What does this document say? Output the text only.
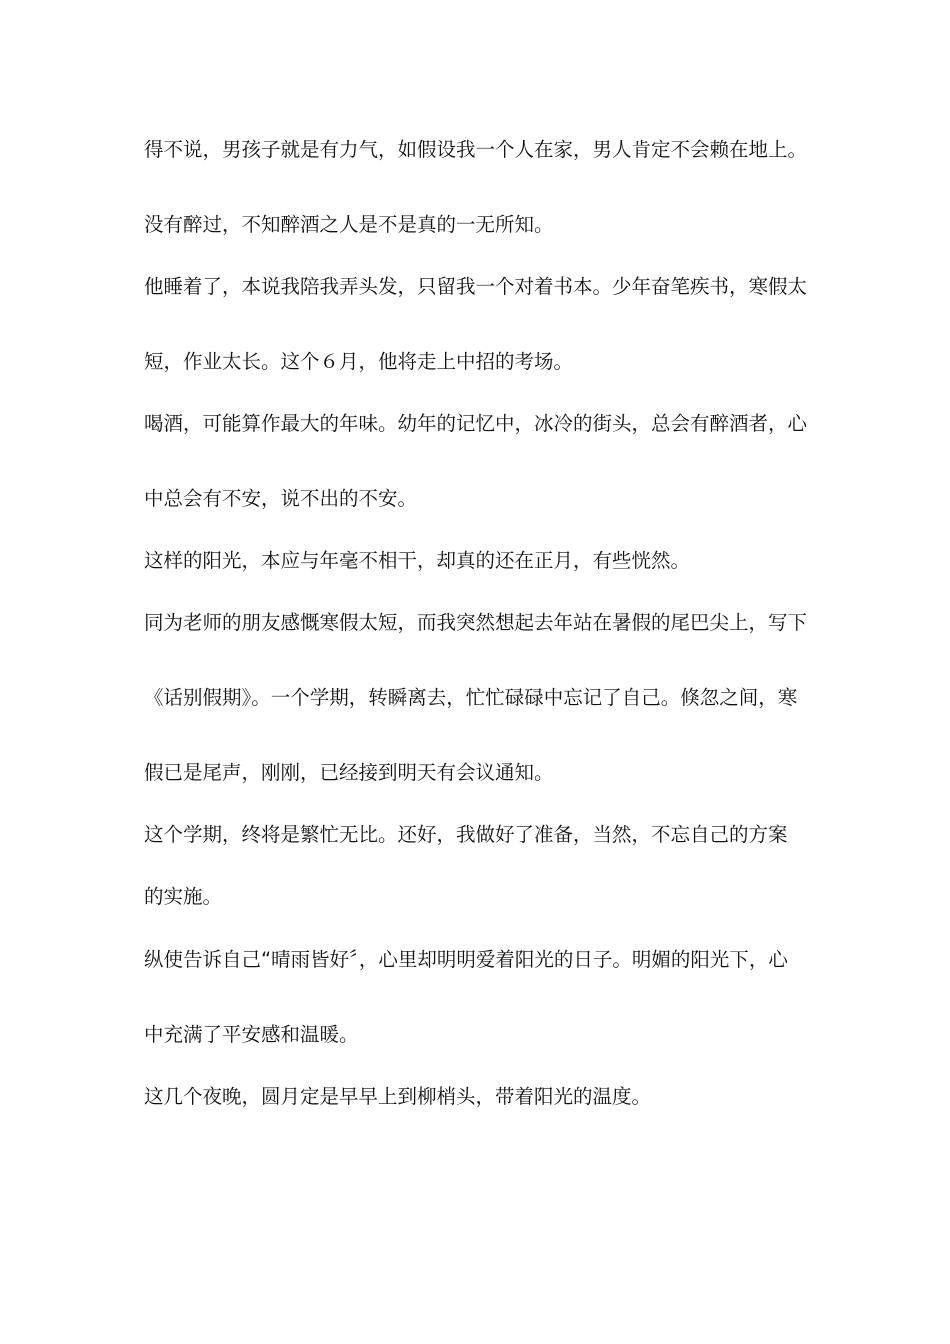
得不说，男孩子就是有力气，如假设我一个人在家，男人肯定不会赖在地上。
没有醉过，不知醉酒之人是不是真的一无所知。
他睡着了，本说我陪我弄头发，只留我一个对着书本。少年奋笔疾书，寒假太
短，作业太长。这个６月，他将走上中招的考场。
喝酒，可能算作最大的年味。幼年的记忆中，冰冷的街头，总会有醉酒者，心
中总会有不安，说不出的不安。
这样的阳光，本应与年毫不相干，却真的还在正月，有些恍然。
同为老师的朋友感慨寒假太短，而我突然想起去年站在暑假的尾巴尖上，写下
《话别假期》。一个学期，转瞬离去，忙忙碌碌中忘记了自己。倏忽之间，寒
假已是尾声，刚刚，已经接到明天有会议通知。
这个学期，终将是繁忙无比。还好，我做好了准备，当然，不忘自己的方案
的实施。
纵使告诉自己“晴雨皆好〞，心里却明明爱着阳光的日子。明媚的阳光下，心
中充满了平安感和温暖。
这几个夜晚，圆月定是早早上到柳梢头，带着阳光的温度。
